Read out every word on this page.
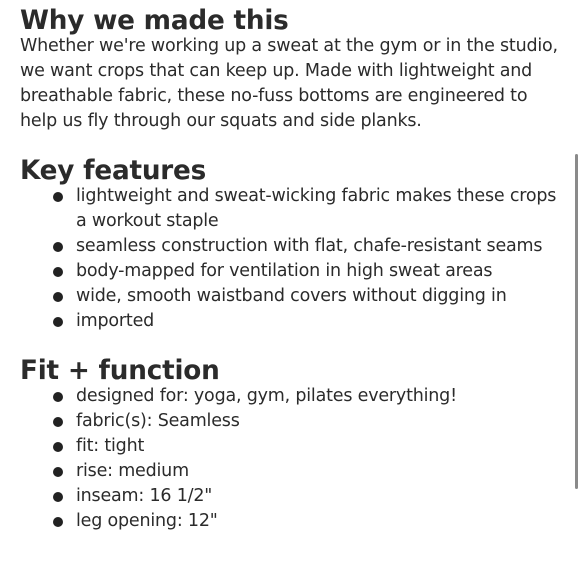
Why we made this

Whether we're working up a sweat at the gym or in the studio, we want crops that can keep up. Made with lightweight and breathable fabric, these no-fuss bottoms are engineered to help us fly through our squats and side planks.

Key features
lightweight and sweat-wicking fabric makes these crops a workout staple
seamless construction with flat, chafe-resistant seams
body-mapped for ventilation in high sweat areas
wide, smooth waistband covers without digging in
imported
Fit + function
designed for: yoga, gym, pilates everything!
fabric(s): Seamless
fit: tight
rise: medium
inseam: 16 1/2"
leg opening: 12"
